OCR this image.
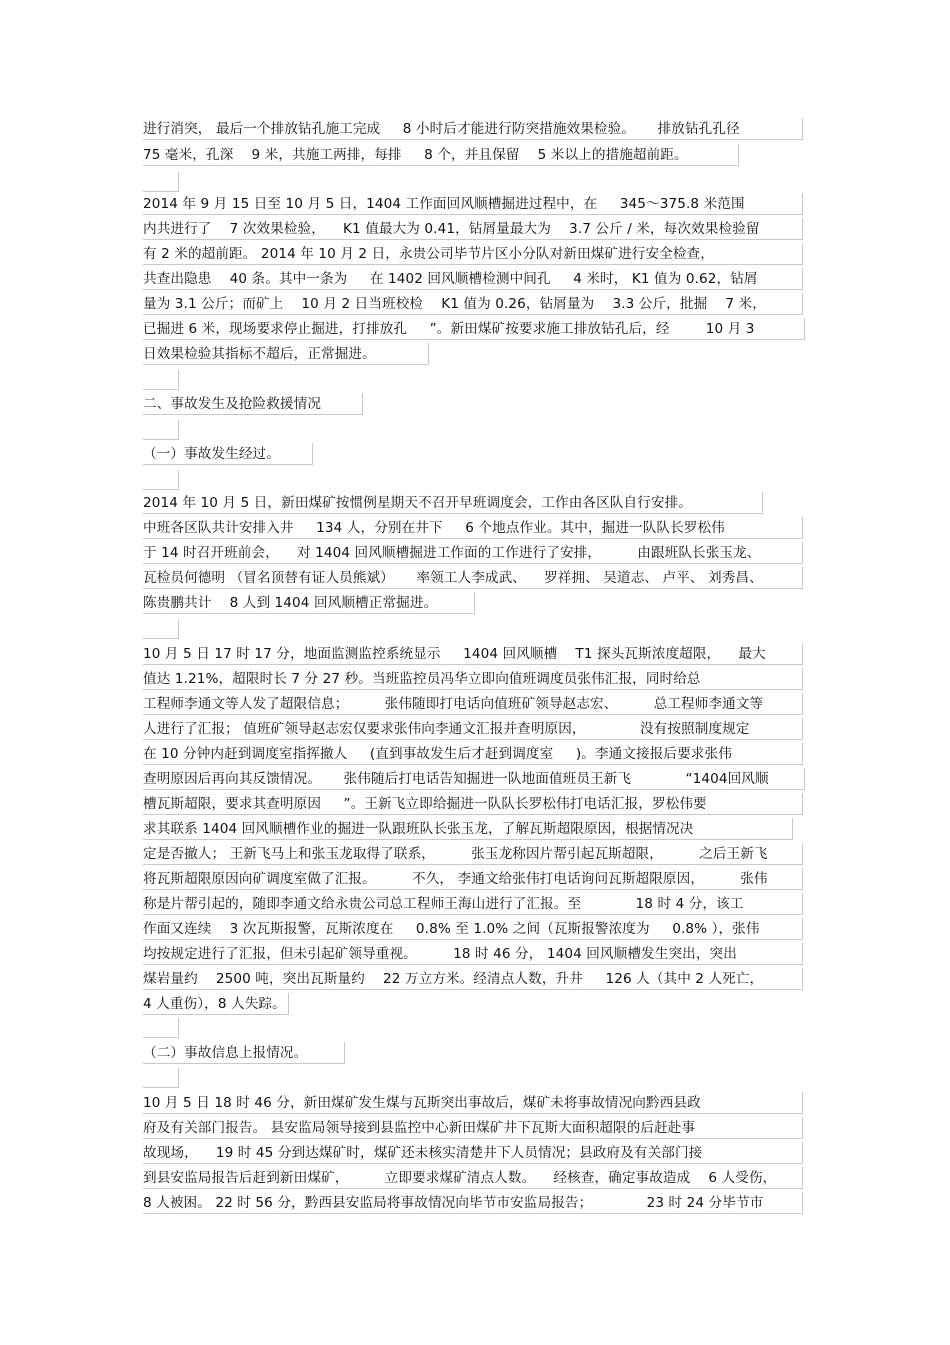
进行消突， 最后一个排放钻孔施工完成 　 8 小时后才能进行防突措施效果检验。 　 排放钻孔孔径
75 毫米，孔深 　9 米，共施工两排，每排 　 8 个，并且保留 　5 米以上的措施超前距。
2014 年 9 月 15 日至 10 月 5 日，1404 工作面回风顺槽掘进过程中，在 　 345～375.8 米范围
内共进行了 　7 次效果检验， 　K1 值最大为 0.41，钻屑量最大为 　3.7 公斤 / 米，每次效果检验留
有 2 米的超前距。 2014 年 10 月 2 日，永贵公司毕节片区小分队对新田煤矿进行安全检查，
共查出隐患 　40 条。其中一条为 　 在 1402 回风顺槽检测中间孔 　 4 米时， K1 值为 0.62，钻屑
量为 3.1 公斤；而矿上 　10 月 2 日当班校检 　K1 值为 0.26，钻屑量为 　3.3 公斤，批掘 　7 米，
已掘进 6 米，现场要求停止掘进，打排放孔 　 ”。新田煤矿按要求施工排放钻孔后，经 　 　10 月 3
日效果检验其指标不超后，正常掘进。
二、事故发生及抢险救援情况
（一）事故发生经过。
2014 年 10 月 5 日，新田煤矿按惯例星期天不召开早班调度会，工作由各区队自行安排。
中班各区队共计安排入井 　 134 人，分别在井下 　 6 个地点作业。其中，掘进一队队长罗松伟
于 14 时召开班前会， 　对 1404 回风顺槽掘进工作面的工作进行了安排， 　 　由跟班队长张玉龙、
瓦检员何德明 （冒名顶替有证人员熊斌） 　 率领工人李成武、 　罗祥拥、 吴道志、 卢平、 刘秀昌、
陈贵鹏共计 　8 人到 1404 回风顺槽正常掘进。
10 月 5 日 17 时 17 分，地面监测监控系统显示 　 1404 回风顺槽 　T1 探头瓦斯浓度超限， 　最大
值达 1.21%，超限时长 7 分 27 秒。当班监控员冯华立即向值班调度员张伟汇报，同时给总
工程师李通文等人发了超限信息； 　 　张伟随即打电话向值班矿领导赵志宏、 　 　总工程师李通文等
人进行了汇报； 值班矿领导赵志宏仅要求张伟向李通文汇报并查明原因， 　 　 　没有按照制度规定
在 10 分钟内赶到调度室指挥撤人 　 (直到事故发生后才赶到调度室 　 )。李通文接报后要求张伟
查明原因后再向其反馈情况。 　 张伟随后打电话告知掘进一队地面值班员王新飞 　 　 　“1404回风顺
槽瓦斯超限，要求其查明原因 　 ”。王新飞立即给掘进一队队长罗松伟打电话汇报，罗松伟要
求其联系 1404 回风顺槽作业的掘进一队跟班队长张玉龙，了解瓦斯超限原因，根据情况决
定是否撤人； 王新飞马上和张玉龙取得了联系， 　 　张玉龙称因片帮引起瓦斯超限， 　 　之后王新飞
将瓦斯超限原因向矿调度室做了汇报。 　 　不久， 李通文给张伟打电话询问瓦斯超限原因， 　 　张伟
称是片帮引起的，随即李通文给永贵公司总工程师王海山进行了汇报。至 　 　 　18 时 4 分，该工
作面又连续 　3 次瓦斯报警，瓦斯浓度在 　 0.8% 至 1.0% 之间（瓦斯报警浓度为 　 0.8% ），张伟
均按规定进行了汇报，但未引起矿领导重视。 　 　18 时 46 分， 1404 回风顺槽发生突出，突出
煤岩量约 　2500 吨，突出瓦斯量约 　22 万立方米。经清点人数，升井 　 126 人（其中 2 人死亡，
4 人重伤），8 人失踪。
（二）事故信息上报情况。
10 月 5 日 18 时 46 分，新田煤矿发生煤与瓦斯突出事故后，煤矿未将事故情况向黔西县政
府及有关部门报告。 县安监局领导接到县监控中心新田煤矿井下瓦斯大面积超限的后赶赴事
故现场， 　19 时 45 分到达煤矿时，煤矿还未核实清楚井下人员情况；县政府及有关部门接
到县安监局报告后赶到新田煤矿， 　 　立即要求煤矿清点人数。 　经核查，确定事故造成 　6 人受伤，
8 人被困。 22 时 56 分，黔西县安监局将事故情况向毕节市安监局报告； 　 　 　23 时 24 分毕节市
